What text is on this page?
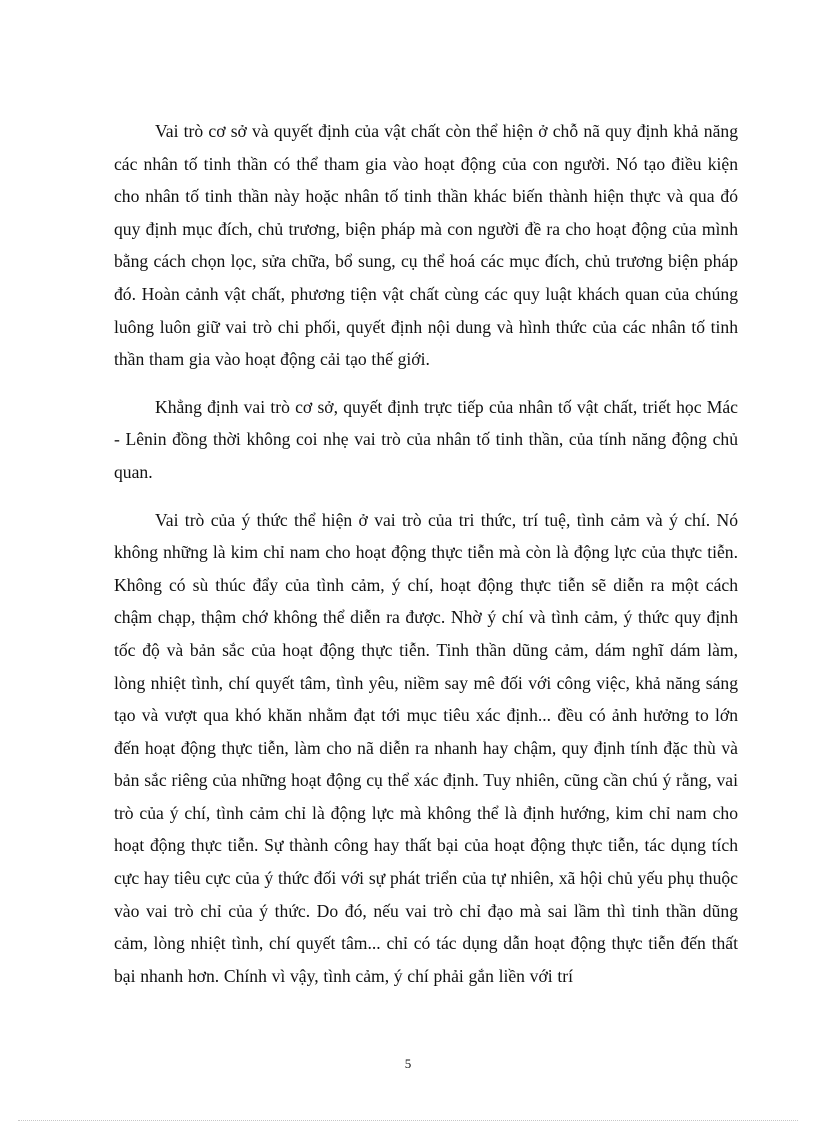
Vai trò cơ sở và quyết định của vật chất còn thể hiện ở chỗ nã quy định khả năng các nhân tố tinh thần có thể tham gia vào hoạt động của con người. Nó tạo điều kiện cho nhân tố tinh thần này hoặc nhân tố tinh thần khác biến thành hiện thực và qua đó quy định mục đích, chủ trương, biện pháp mà con người đề ra cho hoạt động của mình bằng cách chọn lọc, sửa chữa, bổ sung, cụ thể hoá các mục đích, chủ trương biện pháp đó. Hoàn cảnh vật chất, phương tiện vật chất cùng các quy luật khách quan của chúng luông luôn giữ vai trò chi phối, quyết định nội dung và hình thức của các nhân tố tinh thần tham gia vào hoạt động cải tạo thế giới.

Khẳng định vai trò cơ sở, quyết định trực tiếp của nhân tố vật chất, triết học Mác - Lênin đồng thời không coi nhẹ vai trò của nhân tố tinh thần, của tính năng động chủ quan.

Vai trò của ý thức thể hiện ở vai trò của tri thức, trí tuệ, tình cảm và ý chí. Nó không những là kim chỉ nam cho hoạt động thực tiễn mà còn là động lực của thực tiễn. Không có sù thúc đẩy của tình cảm, ý chí, hoạt động thực tiễn sẽ diễn ra một cách chậm chạp, thậm chớ không thể diễn ra được. Nhờ ý chí và tình cảm, ý thức quy định tốc độ và bản sắc của hoạt động thực tiễn. Tinh thần dũng cảm, dám nghĩ dám làm, lòng nhiệt tình, chí quyết tâm, tình yêu, niềm say mê đối với công việc, khả năng sáng tạo và vượt qua khó khăn nhằm đạt tới mục tiêu xác định... đều có ảnh hưởng to lớn đến hoạt động thực tiễn, làm cho nã diễn ra nhanh hay chậm, quy định tính đặc thù và bản sắc riêng của những hoạt động cụ thể xác định. Tuy nhiên, cũng cần chú ý rằng, vai trò của ý chí, tình cảm chỉ là động lực mà không thể là định hướng, kim chỉ nam cho hoạt động thực tiễn. Sự thành công hay thất bại của hoạt động thực tiễn, tác dụng tích cực hay tiêu cực của ý thức đối với sự phát triển của tự nhiên, xã hội chủ yếu phụ thuộc vào vai trò chỉ của ý thức. Do đó, nếu vai trò chỉ đạo mà sai lầm thì tinh thần dũng cảm, lòng nhiệt tình, chí quyết tâm... chỉ có tác dụng dẫn hoạt động thực tiễn đến thất bại nhanh hơn. Chính vì vậy, tình cảm, ý chí phải gắn liền với trí

5
